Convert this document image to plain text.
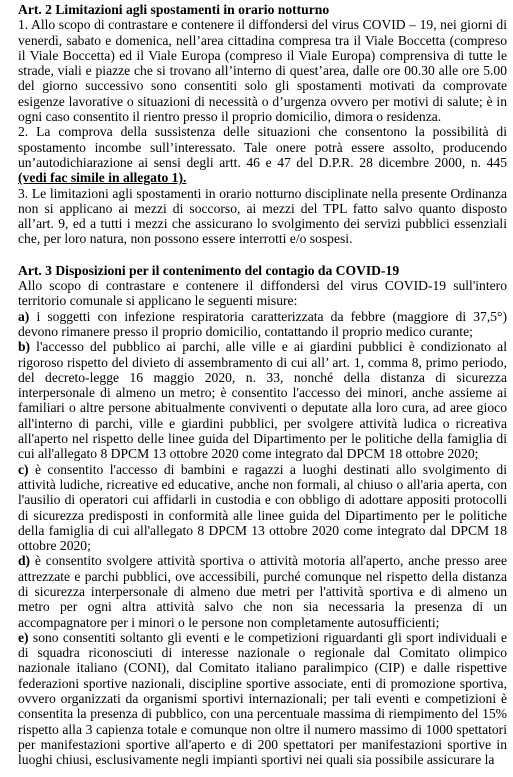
Art. 2 Limitazioni agli spostamenti in orario notturno

1. Allo scopo di contrastare e contenere il diffondersi del virus COVID – 19, nei giorni di venerdì, sabato e domenica, nell’area cittadina compresa tra il Viale Boccetta (compreso il Viale Boccetta) ed il Viale Europa (compreso il Viale Europa) comprensiva di tutte le strade, viali e piazze che si trovano all’interno di quest’area, dalle ore 00.30 alle ore 5.00 del giorno successivo sono consentiti solo gli spostamenti motivati da comprovate esigenze lavorative o situazioni di necessità o d’urgenza ovvero per motivi di salute; è in ogni caso consentito il rientro presso il proprio domicilio, dimora o residenza.

2. La comprova della sussistenza delle situazioni che consentono la possibilità di spostamento incombe sull’interessato. Tale onere potrà essere assolto, producendo un’autodichiarazione ai sensi degli artt. 46 e 47 del D.P.R. 28 dicembre 2000, n. 445 (vedi fac simile in allegato 1).

3. Le limitazioni agli spostamenti in orario notturno disciplinate nella presente Ordinanza non si applicano ai mezzi di soccorso, ai mezzi del TPL fatto salvo quanto disposto all’art. 9, ed a tutti i mezzi che assicurano lo svolgimento dei servizi pubblici essenziali che, per loro natura, non possono essere interrotti e/o sospesi.

Art. 3 Disposizioni per il contenimento del contagio da COVID-19

Allo scopo di contrastare e contenere il diffondersi del virus COVID-19 sull'intero territorio comunale si applicano le seguenti misure:

a) i soggetti con infezione respiratoria caratterizzata da febbre (maggiore di 37,5°) devono rimanere presso il proprio domicilio, contattando il proprio medico curante;

b) l'accesso del pubblico ai parchi, alle ville e ai giardini pubblici è condizionato al rigoroso rispetto del divieto di assembramento di cui all’ art. 1, comma 8, primo periodo, del decreto-legge 16 maggio 2020, n. 33, nonché della distanza di sicurezza interpersonale di almeno un metro; è consentito l'accesso dei minori, anche assieme ai familiari o altre persone abitualmente conviventi o deputate alla loro cura, ad aree gioco all'interno di parchi, ville e giardini pubblici, per svolgere attività ludica o ricreativa all'aperto nel rispetto delle linee guida del Dipartimento per le politiche della famiglia di cui all'allegato 8 DPCM 13 ottobre 2020 come integrato dal DPCM 18 ottobre 2020;

c) è consentito l'accesso di bambini e ragazzi a luoghi destinati allo svolgimento di attività ludiche, ricreative ed educative, anche non formali, al chiuso o all'aria aperta, con l'ausilio di operatori cui affidarli in custodia e con obbligo di adottare appositi protocolli di sicurezza predisposti in conformità alle linee guida del Dipartimento per le politiche della famiglia di cui all'allegato 8 DPCM 13 ottobre 2020 come integrato dal DPCM 18 ottobre 2020;

d) è consentito svolgere attività sportiva o attività motoria all'aperto, anche presso aree attrezzate e parchi pubblici, ove accessibili, purché comunque nel rispetto della distanza di sicurezza interpersonale di almeno due metri per l'attività sportiva e di almeno un metro per ogni altra attività salvo che non sia necessaria la presenza di un accompagnatore per i minori o le persone non completamente autosufficienti;

e) sono consentiti soltanto gli eventi e le competizioni riguardanti gli sport individuali e di squadra riconosciuti di interesse nazionale o regionale dal Comitato olimpico nazionale italiano (CONI), dal Comitato italiano paralimpico (CIP) e dalle rispettive federazioni sportive nazionali, discipline sportive associate, enti di promozione sportiva, ovvero organizzati da organismi sportivi internazionali; per tali eventi e competizioni è consentita la presenza di pubblico, con una percentuale massima di riempimento del 15% rispetto alla 3 capienza totale e comunque non oltre il numero massimo di 1000 spettatori per manifestazioni sportive all'aperto e di 200 spettatori per manifestazioni sportive in luoghi chiusi, esclusivamente negli impianti sportivi nei quali sia possibile assicurare la
